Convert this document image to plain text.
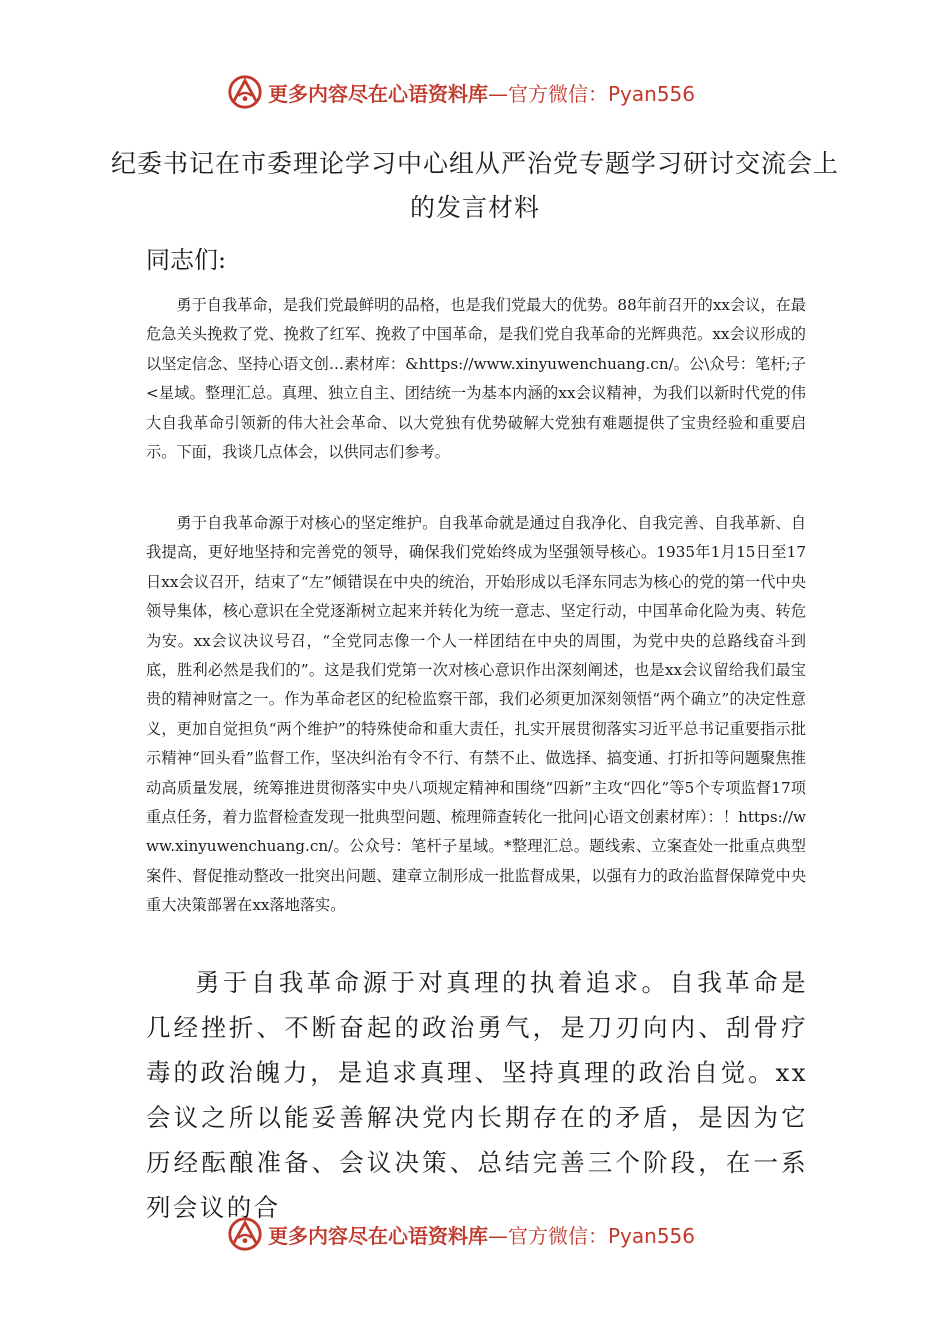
更多内容尽在心语资料库—官方微信：Pyan556
纪委书记在市委理论学习中心组从严治党专题学习研讨交流会上的发言材料

同志们:

勇于自我革命，是我们党最鲜明的品格，也是我们党最大的优势。88年前召开的xx会议，在最危急关头挽救了党、挽救了红军、挽救了中国革命，是我们党自我革命的光辉典范。xx会议形成的以坚定信念、坚持心语文创…素材库：&https://www.xinyuwenchuang.cn/。公\众号：笔杆;子<星域。整理汇总。真理、独立自主、团结统一为基本内涵的xx会议精神，为我们以新时代党的伟大自我革命引领新的伟大社会革命、以大党独有优势破解大党独有难题提供了宝贵经验和重要启示。下面，我谈几点体会，以供同志们参考。

勇于自我革命源于对核心的坚定维护。自我革命就是通过自我净化、自我完善、自我革新、自我提高，更好地坚持和完善党的领导，确保我们党始终成为坚强领导核心。1935年1月15日至17日xx会议召开，结束了“左”倾错误在中央的统治，开始形成以毛泽东同志为核心的党的第一代中央领导集体，核心意识在全党逐渐树立起来并转化为统一意志、坚定行动，中国革命化险为夷、转危为安。xx会议决议号召，“全党同志像一个人一样团结在中央的周围，为党中央的总路线奋斗到底，胜利必然是我们的”。这是我们党第一次对核心意识作出深刻阐述，也是xx会议留给我们最宝贵的精神财富之一。作为革命老区的纪检监察干部，我们必须更加深刻领悟“两个确立”的决定性意义，更加自觉担负“两个维护”的特殊使命和重大责任，扎实开展贯彻落实习近平总书记重要指示批示精神“回头看”监督工作，坚决纠治有令不行、有禁不止、做选择、搞变通、打折扣等问题聚焦推动高质量发展，统筹推进贯彻落实中央八项规定精神和围绕“四新”主攻“四化”等5个专项监督17项重点任务，着力监督检查发现一批典型问题、梳理筛查转化一批问|心语文创素材库）：！https://www.xinyuwenchuang.cn/。公众号：笔杆子星域。*整理汇总。题线索、立案查处一批重点典型案件、督促推动整改一批突出问题、建章立制形成一批监督成果，以强有力的政治监督保障党中央重大决策部署在xx落地落实。

勇于自我革命源于对真理的执着追求。自我革命是几经挫折、不断奋起的政治勇气，是刀刃向内、刮骨疗毒的政治魄力，是追求真理、坚持真理的政治自觉。xx会议之所以能妥善解决党内长期存在的矛盾，是因为它历经酝酿准备、会议决策、总结完善三个阶段，在一系列会议的合

更多内容尽在心语资料库—官方微信：Pyan556
